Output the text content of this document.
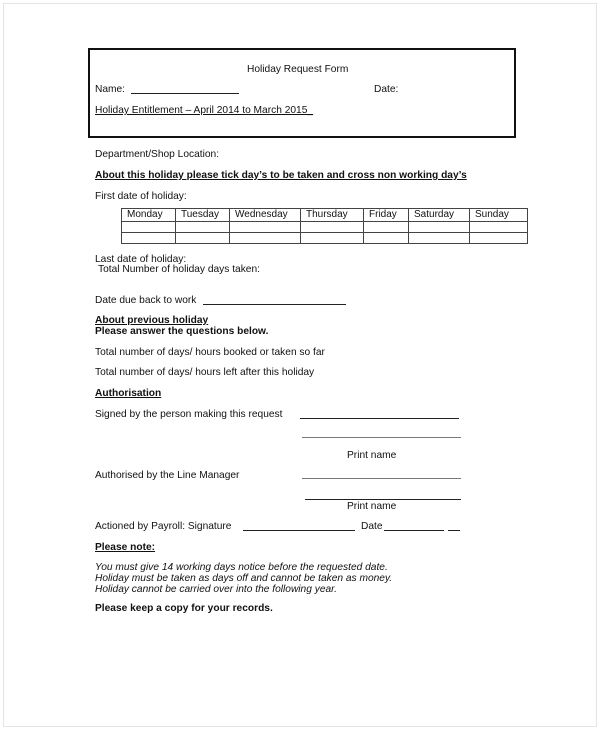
Holiday Request Form
Name:	Date:
Holiday Entitlement – April 2014 to March 2015_
Department/Shop Location:
About this holiday please tick day’s to be taken and cross non working day’s
First date of holiday:
Monday	Tuesday	Wednesday	Thursday	Friday	Saturday	Sunday

Last date of holiday:
Total Number of holiday days taken:
Date due back to work
About previous holiday
Please answer the questions below.
Total number of days/ hours booked or taken so far
Total number of days/ hours left after this holiday
Authorisation
Signed by the person making this request
Print name
Authorised by the Line Manager
Print name
Actioned by Payroll: Signature	Date
Please note:
You must give 14 working days notice before the requested date.
Holiday must be taken as days off and cannot be taken as money.
Holiday cannot be carried over into the following year.
Please keep a copy for your records.
